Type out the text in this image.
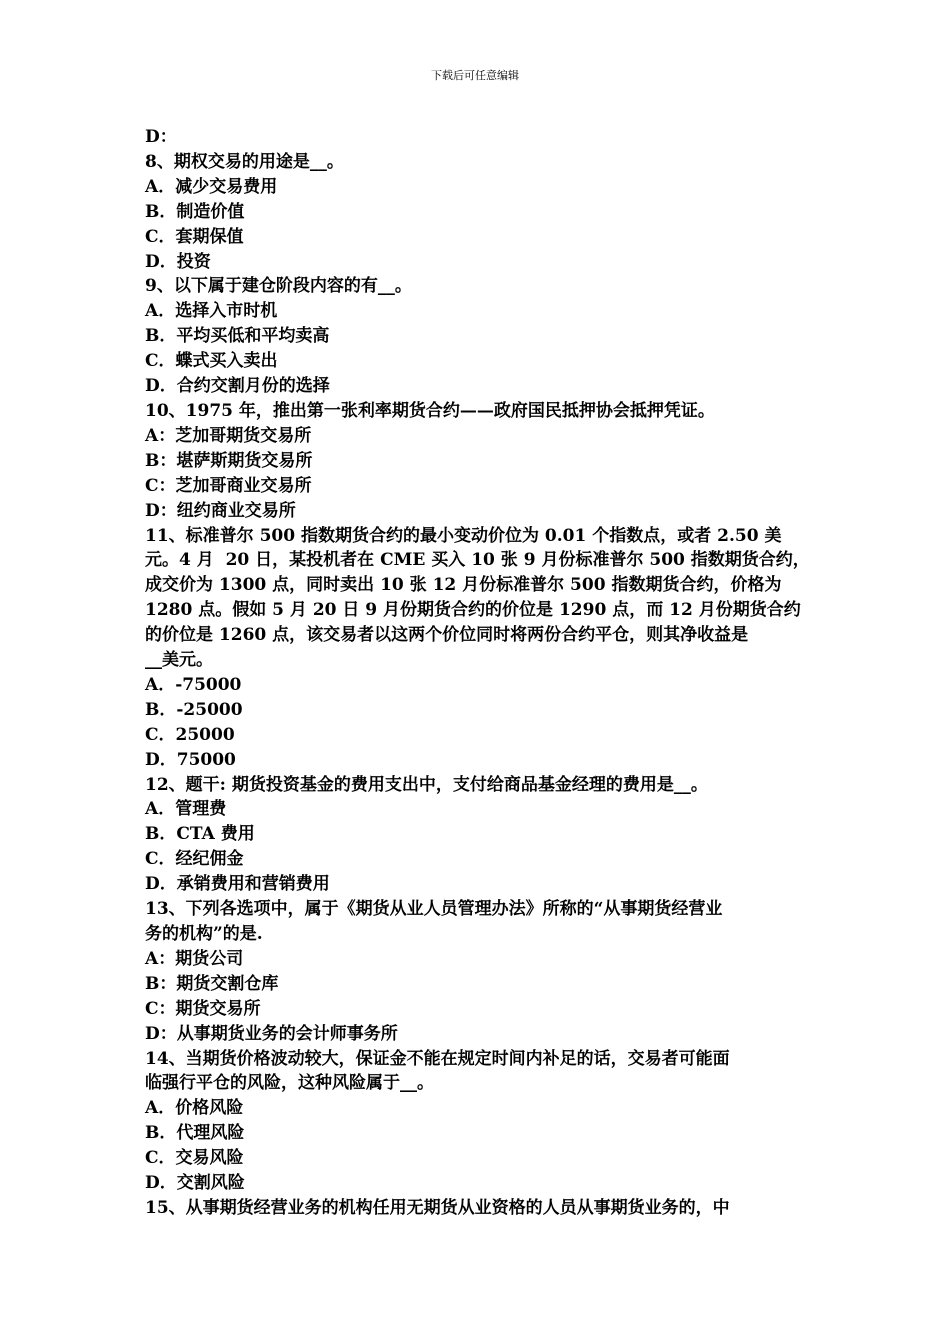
下载后可任意编辑
D：
8、期权交易的用途是__。
A．减少交易费用
B．制造价值
C．套期保值
D．投资
9、以下属于建仓阶段内容的有__。
A．选择入市时机
B．平均买低和平均卖高
C．蝶式买入卖出
D．合约交割月份的选择
10、1975 年，推出第一张利率期货合约——政府国民抵押协会抵押凭证。
A：芝加哥期货交易所
B：堪萨斯期货交易所
C：芝加哥商业交易所
D：纽约商业交易所
11、标准普尔 500 指数期货合约的最小变动价位为 0.01 个指数点，或者 2.50 美
元。4 月  20 日，某投机者在 CME 买入 10 张 9 月份标准普尔 500 指数期货合约，
成交价为 1300 点，同时卖出 10 张 12 月份标准普尔 500 指数期货合约，价格为
1280 点。假如 5 月 20 日 9 月份期货合约的价位是 1290 点，而 12 月份期货合约
的价位是 1260 点，该交易者以这两个价位同时将两份合约平仓，则其净收益是
__美元。
A．-75000
B．-25000
C．25000
D．75000
12、题干: 期货投资基金的费用支出中，支付给商品基金经理的费用是__。
A．管理费
B．CTA 费用
C．经纪佣金
D．承销费用和营销费用
13、下列各选项中，属于《期货从业人员管理办法》所称的“从事期货经营业
务的机构”的是.
A：期货公司
B：期货交割仓库
C：期货交易所
D：从事期货业务的会计师事务所
14、当期货价格波动较大，保证金不能在规定时间内补足的话，交易者可能面
临强行平仓的风险，这种风险属于__。
A．价格风险
B．代理风险
C．交易风险
D．交割风险
15、从事期货经营业务的机构任用无期货从业资格的人员从事期货业务的，中
